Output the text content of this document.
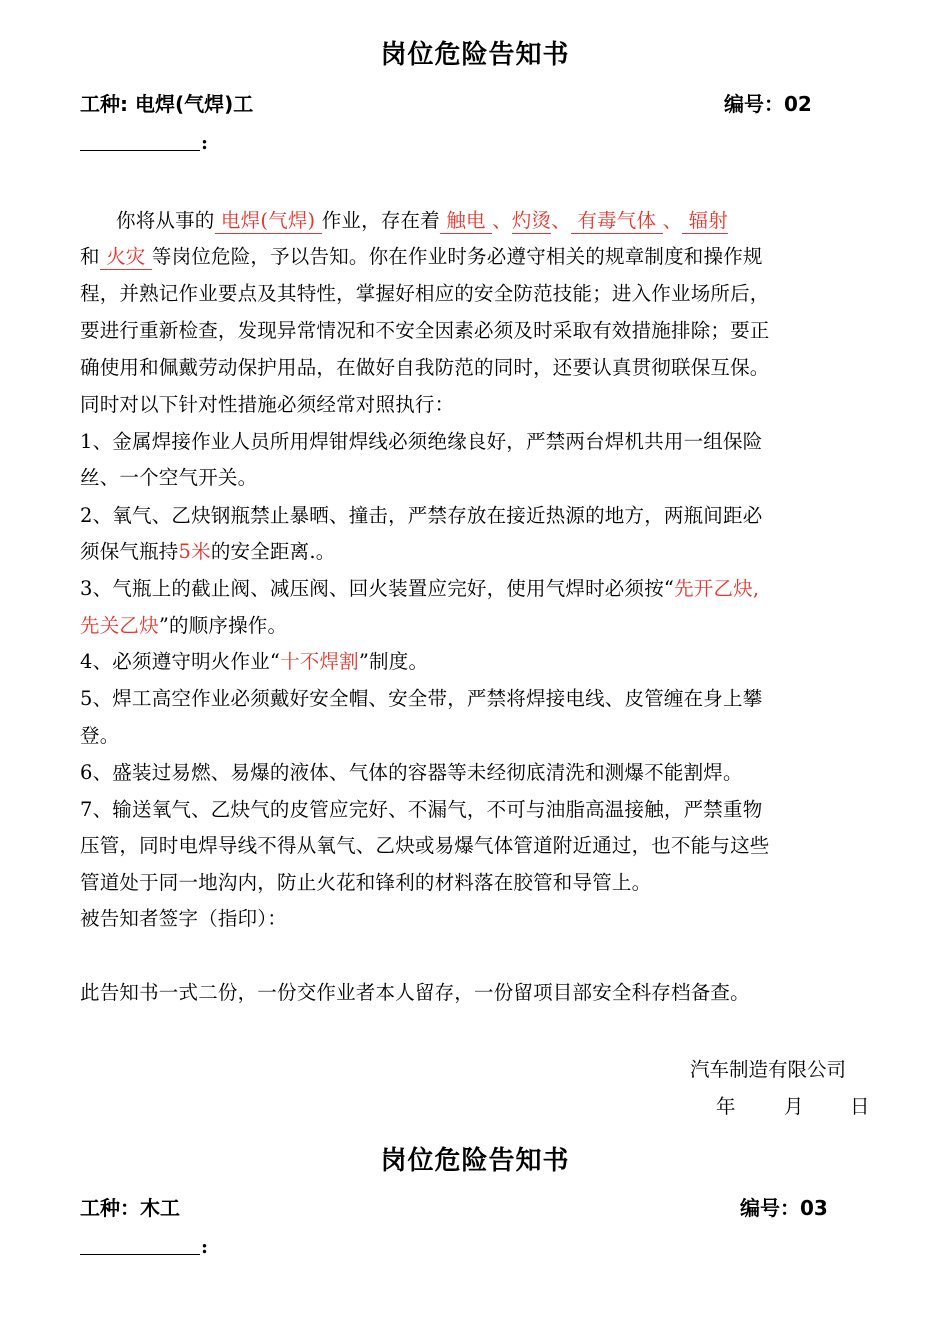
岗位危险告知书
工种: 电焊(气焊)工	编号：02
:
你将从事的 电焊(气焊) 作业，存在着 触电 、灼烫、 有毒气体 、 辐射
和 火灾 等岗位危险，予以告知。你在作业时务必遵守相关的规章制度和操作规
程，并熟记作业要点及其特性，掌握好相应的安全防范技能；进入作业场所后，
要进行重新检查，发现异常情况和不安全因素必须及时采取有效措施排除；要正
确使用和佩戴劳动保护用品，在做好自我防范的同时，还要认真贯彻联保互保。
同时对以下针对性措施必须经常对照执行：
1、金属焊接作业人员所用焊钳焊线必须绝缘良好，严禁两台焊机共用一组保险
丝、一个空气开关。
2、氧气、乙炔钢瓶禁止暴晒、撞击，严禁存放在接近热源的地方，两瓶间距必
须保气瓶持5米的安全距离.。
3、气瓶上的截止阀、减压阀、回火装置应完好，使用气焊时必须按“先开乙炔,
先关乙炔”的顺序操作。
4、必须遵守明火作业“十不焊割”制度。
5、焊工高空作业必须戴好安全帽、安全带，严禁将焊接电线、皮管缠在身上攀
登。
6、盛装过易燃、易爆的液体、气体的容器等未经彻底清洗和测爆不能割焊。
7、输送氧气、乙炔气的皮管应完好、不漏气，不可与油脂高温接触，严禁重物
压管，同时电焊导线不得从氧气、乙炔或易爆气体管道附近通过，也不能与这些
管道处于同一地沟内，防止火花和锋利的材料落在胶管和导管上。
被告知者签字（指印）：
此告知书一式二份，一份交作业者本人留存，一份留项目部安全科存档备查。
汽车制造有限公司
年 月 日
岗位危险告知书
工种：木工	编号：03
:
